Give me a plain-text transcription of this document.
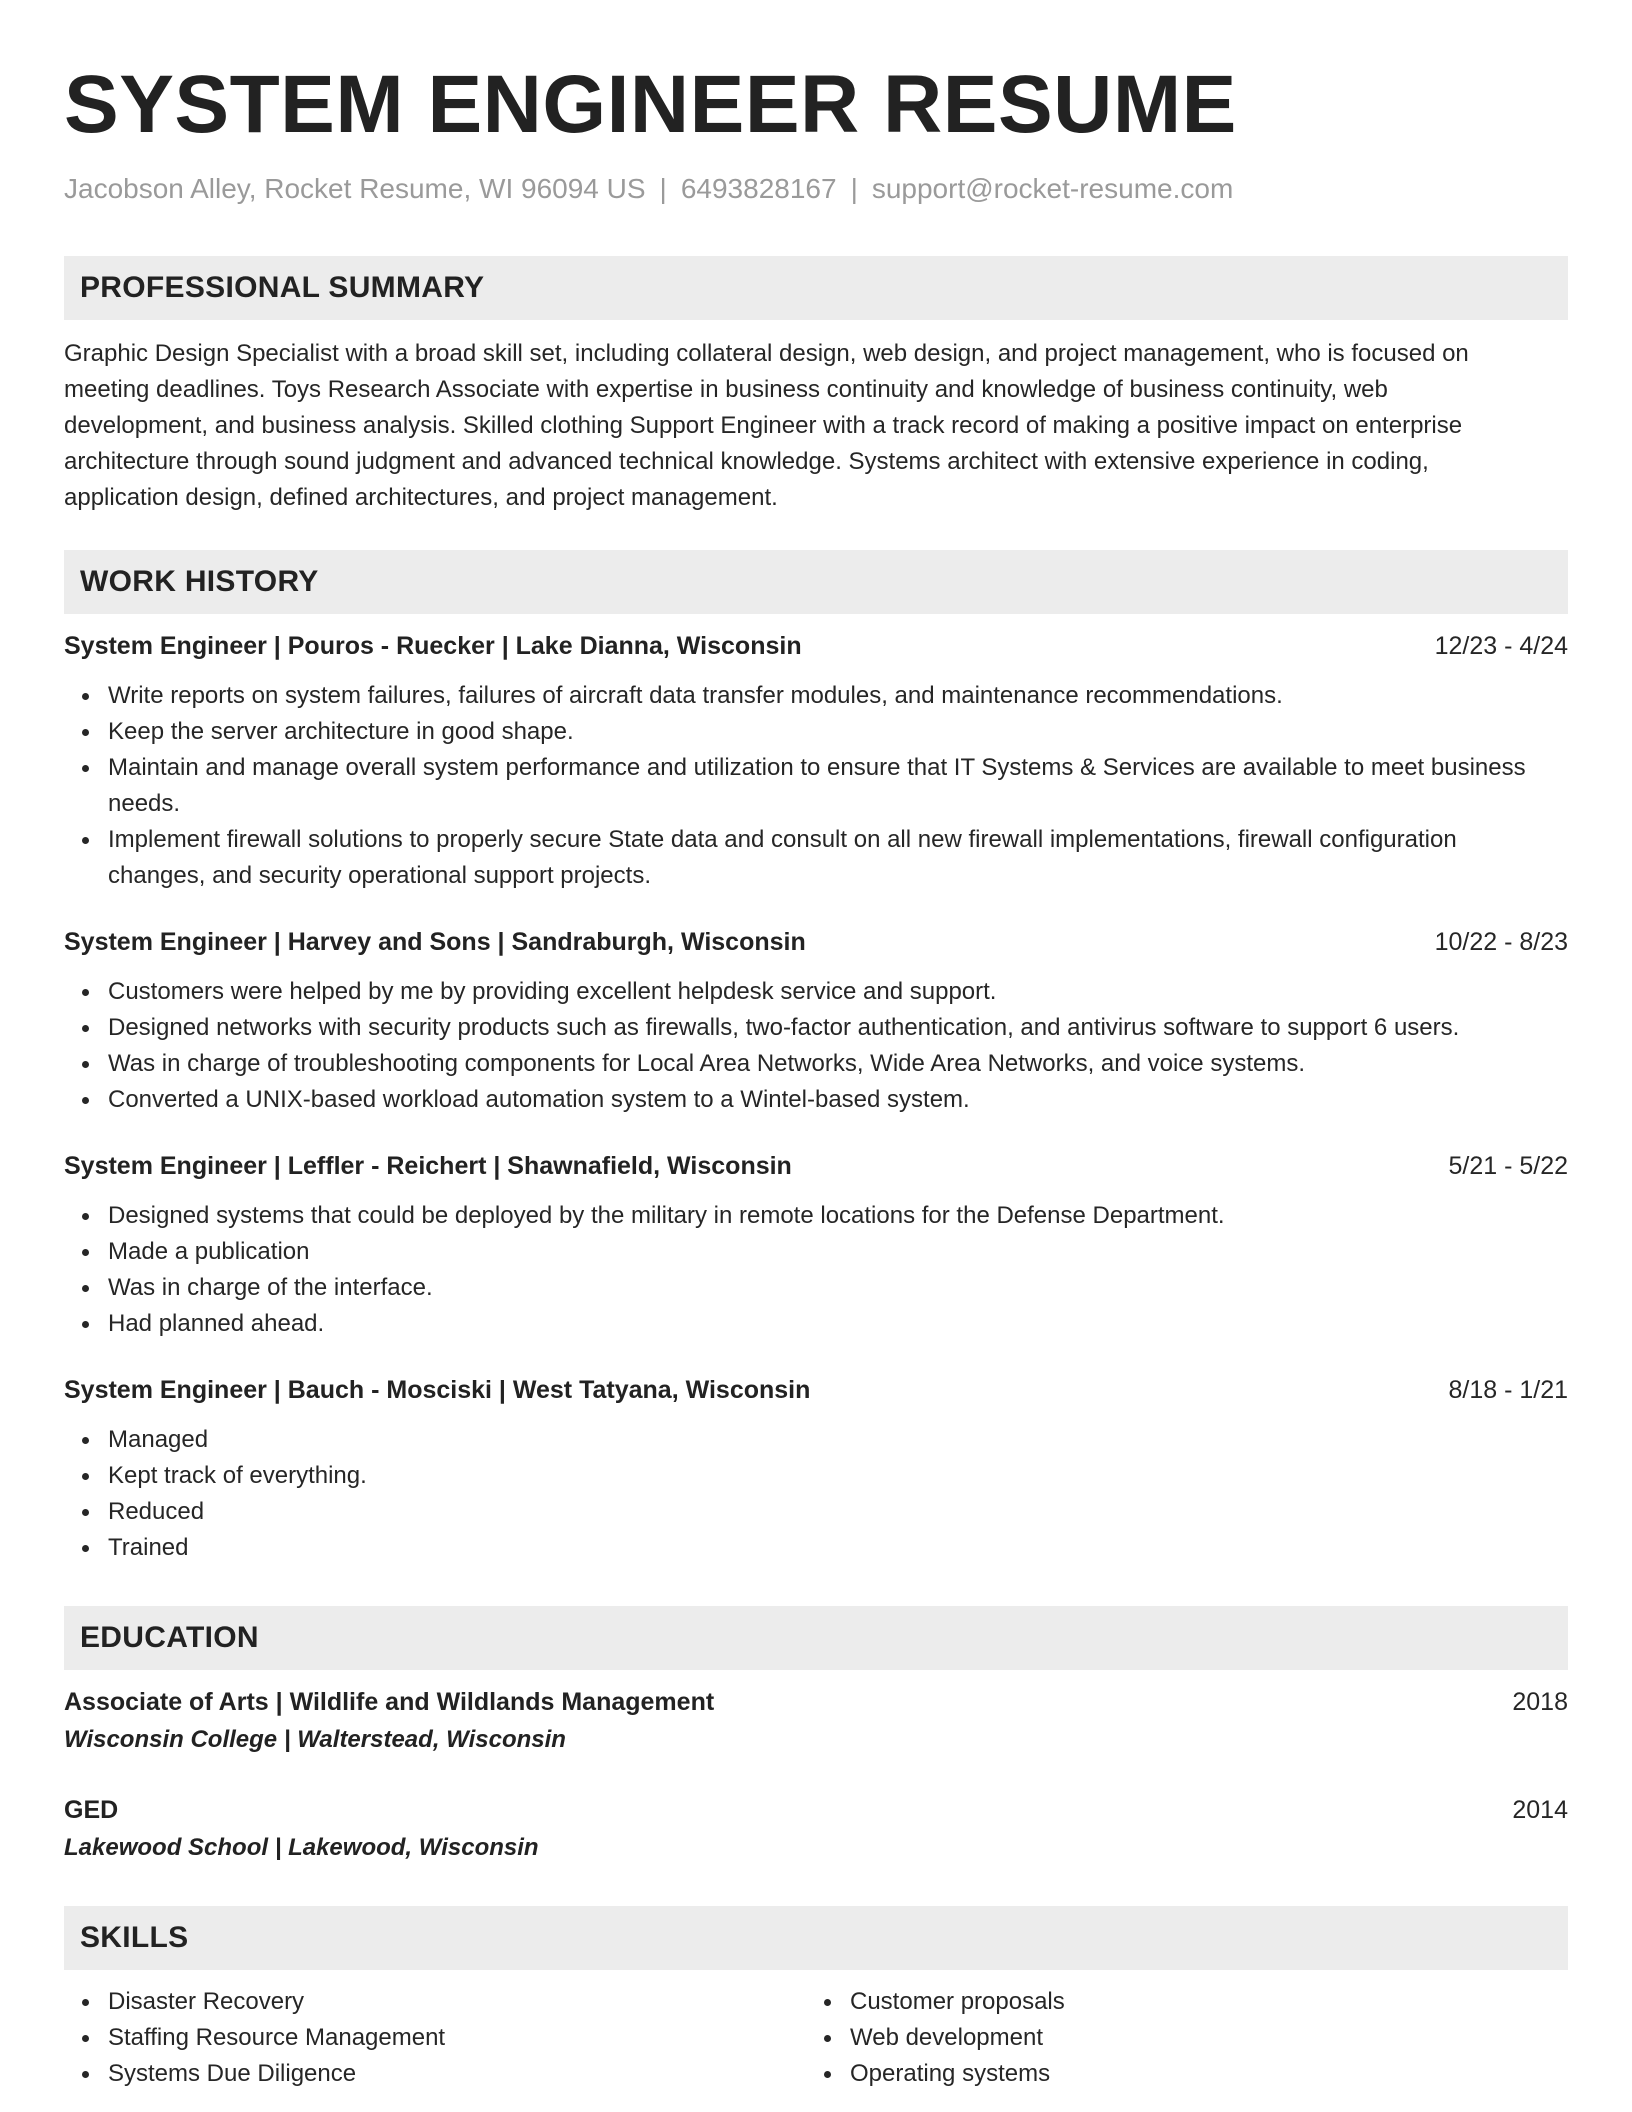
SYSTEM ENGINEER RESUME
Jacobson Alley, Rocket Resume, WI 96094 US | 6493828167 | support@rocket-resume.com
PROFESSIONAL SUMMARY
Graphic Design Specialist with a broad skill set, including collateral design, web design, and project management, who is focused on meeting deadlines. Toys Research Associate with expertise in business continuity and knowledge of business continuity, web development, and business analysis. Skilled clothing Support Engineer with a track record of making a positive impact on enterprise architecture through sound judgment and advanced technical knowledge. Systems architect with extensive experience in coding, application design, defined architectures, and project management.
WORK HISTORY
System Engineer | Pouros - Ruecker | Lake Dianna, Wisconsin	12/23 - 4/24
Write reports on system failures, failures of aircraft data transfer modules, and maintenance recommendations.
Keep the server architecture in good shape.
Maintain and manage overall system performance and utilization to ensure that IT Systems & Services are available to meet business needs.
Implement firewall solutions to properly secure State data and consult on all new firewall implementations, firewall configuration changes, and security operational support projects.
System Engineer | Harvey and Sons | Sandraburgh, Wisconsin	10/22 - 8/23
Customers were helped by me by providing excellent helpdesk service and support.
Designed networks with security products such as firewalls, two-factor authentication, and antivirus software to support 6 users.
Was in charge of troubleshooting components for Local Area Networks, Wide Area Networks, and voice systems.
Converted a UNIX-based workload automation system to a Wintel-based system.
System Engineer | Leffler - Reichert | Shawnafield, Wisconsin	5/21 - 5/22
Designed systems that could be deployed by the military in remote locations for the Defense Department.
Made a publication
Was in charge of the interface.
Had planned ahead.
System Engineer | Bauch - Mosciski | West Tatyana, Wisconsin	8/18 - 1/21
Managed
Kept track of everything.
Reduced
Trained
EDUCATION
Associate of Arts | Wildlife and Wildlands Management	2018
Wisconsin College | Walterstead, Wisconsin
GED	2014
Lakewood School | Lakewood, Wisconsin
SKILLS
Disaster Recovery
Staffing Resource Management
Systems Due Diligence
Customer proposals
Web development
Operating systems
